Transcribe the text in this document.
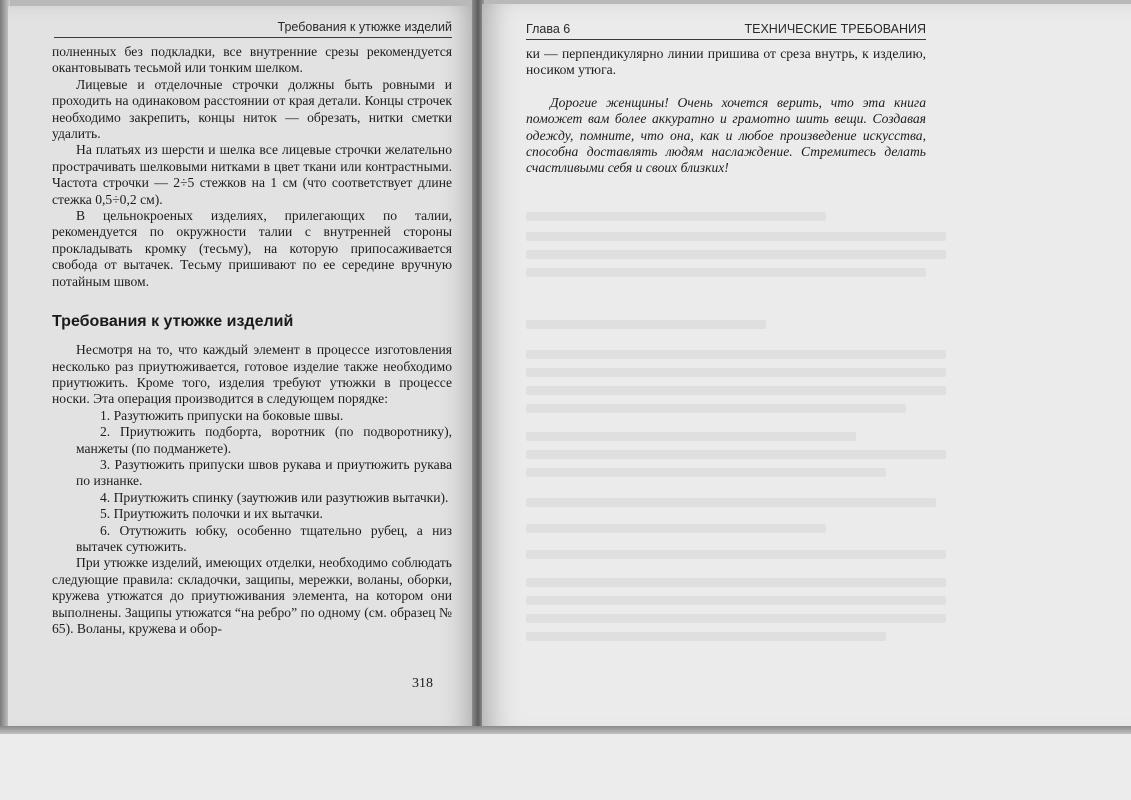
Требования к утюжке изделий

полненных без подкладки, все внутренние срезы рекомендуется окантовывать тесьмой или тонким шелком.

Лицевые и отделочные строчки должны быть ровными и проходить на одинаковом расстоянии от края детали. Концы строчек необходимо закрепить, концы ниток — обрезать, нитки сметки удалить.

На платьях из шерсти и шелка все лицевые строчки желательно прострачивать шелковыми нитками в цвет ткани или контрастными. Частота строчки — 2÷5 стежков на 1 см (что соответствует длине стежка 0,5÷0,2 см).

В цельнокроеных изделиях, прилегающих по талии, рекомендуется по окружности талии с внутренней стороны прокладывать кромку (тесьму), на которую припосаживается свобода от вытачек. Тесьму пришивают по ее середине вручную потайным швом.

Требования к утюжке изделий

Несмотря на то, что каждый элемент в процессе изготовления несколько раз приутюживается, готовое изделие также необходимо приутюжить. Кроме того, изделия требуют утюжки в процессе носки. Эта операция производится в следующем порядке:

1. Разутюжить припуски на боковые швы.

2. Приутюжить подборта, воротник (по подворотнику), манжеты (по подманжете).

3. Разутюжить припуски швов рукава и приутюжить рукава по изнанке.

4. Приутюжить спинку (заутюжив или разутюжив вытачки).

5. Приутюжить полочки и их вытачки.

6. Отутюжить юбку, особенно тщательно рубец, а низ вытачек сутюжить.

При утюжке изделий, имеющих отделки, необходимо соблюдать следующие правила: складочки, защипы, мережки, воланы, оборки, кружева утюжатся до приутюживания элемента, на котором они выполнены. Защипы утюжатся “на ребро” по одному (см. образец № 65). Воланы, кружева и обор-

318
Глава 6	ТЕХНИЧЕСКИЕ ТРЕБОВАНИЯ

ки — перпендикулярно линии пришива от среза внутрь, к изделию, носиком утюга.

Дорогие женщины! Очень хочется верить, что эта книга поможет вам более аккуратно и грамотно шить вещи. Создавая одежду, помните, что она, как и любое произведение искусства, способна доставлять людям наслаждение. Стремитесь делать счастливыми себя и своих близких!
